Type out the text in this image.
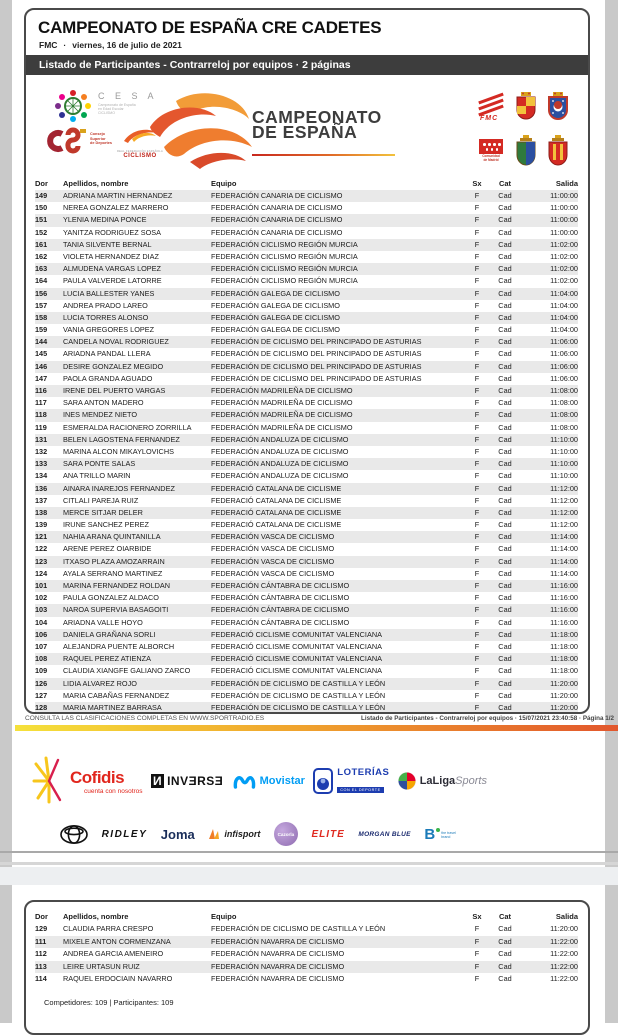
CAMPEONATO DE ESPAÑA CRE CADETES
FMC · viernes, 16 de julio de 2021
Listado de Participantes - Contrarreloj por equipos · 2 páginas
C E S A
Campeonato de España
en Edad Escolar
CICLISMO
Consejo
Superior
de Deportes
REAL FEDERACIÓN ESPAÑOLA
CICLISMO
CAMPEONATO
DE ESPAÑA
FMC
Comunidad
de Madrid
Dor	Apellidos, nombre	Equipo	Sx	Cat	Salida
149	ADRIANA MARTIN HERNANDEZ	FEDERACIÓN CANARIA DE CICLISMO	F	Cad	11:00:00
150	NEREA GONZALEZ MARRERO	FEDERACIÓN CANARIA DE CICLISMO	F	Cad	11:00:00
151	YLENIA MEDINA PONCE	FEDERACIÓN CANARIA DE CICLISMO	F	Cad	11:00:00
152	YANITZA RODRIGUEZ SOSA	FEDERACIÓN CANARIA DE CICLISMO	F	Cad	11:00:00
161	TANIA SILVENTE BERNAL	FEDERACIÓN CICLISMO REGIÓN MURCIA	F	Cad	11:02:00
162	VIOLETA HERNANDEZ DIAZ	FEDERACIÓN CICLISMO REGIÓN MURCIA	F	Cad	11:02:00
163	ALMUDENA VARGAS LOPEZ	FEDERACIÓN CICLISMO REGIÓN MURCIA	F	Cad	11:02:00
164	PAULA VALVERDE LATORRE	FEDERACIÓN CICLISMO REGIÓN MURCIA	F	Cad	11:02:00
156	LUCIA BALLESTER YANES	FEDERACIÓN GALEGA DE CICLISMO	F	Cad	11:04:00
157	ANDREA PRADO LAREO	FEDERACIÓN GALEGA DE CICLISMO	F	Cad	11:04:00
158	LUCIA TORRES ALONSO	FEDERACIÓN GALEGA DE CICLISMO	F	Cad	11:04:00
159	VANIA GREGORES LOPEZ	FEDERACIÓN GALEGA DE CICLISMO	F	Cad	11:04:00
144	CANDELA NOVAL RODRIGUEZ	FEDERACIÓN DE CICLISMO DEL PRINCIPADO DE ASTURIAS	F	Cad	11:06:00
145	ARIADNA PANDAL LLERA	FEDERACIÓN DE CICLISMO DEL PRINCIPADO DE ASTURIAS	F	Cad	11:06:00
146	DESIRE GONZALEZ MEGIDO	FEDERACIÓN DE CICLISMO DEL PRINCIPADO DE ASTURIAS	F	Cad	11:06:00
147	PAOLA GRANDA AGUADO	FEDERACIÓN DE CICLISMO DEL PRINCIPADO DE ASTURIAS	F	Cad	11:06:00
116	IRENE DEL PUERTO VARGAS	FEDERACIÓN MADRILEÑA DE CICLISMO	F	Cad	11:08:00
117	SARA ANTON MADERO	FEDERACIÓN MADRILEÑA DE CICLISMO	F	Cad	11:08:00
118	INES MENDEZ NIETO	FEDERACIÓN MADRILEÑA DE CICLISMO	F	Cad	11:08:00
119	ESMERALDA RACIONERO ZORRILLA	FEDERACIÓN MADRILEÑA DE CICLISMO	F	Cad	11:08:00
131	BELEN LAGOSTENA FERNANDEZ	FEDERACIÓN ANDALUZA DE CICLISMO	F	Cad	11:10:00
132	MARINA ALCON MIKAYLOVICHS	FEDERACIÓN ANDALUZA DE CICLISMO	F	Cad	11:10:00
133	SARA PONTE SALAS	FEDERACIÓN ANDALUZA DE CICLISMO	F	Cad	11:10:00
134	ANA TRILLO MARIN	FEDERACIÓN ANDALUZA DE CICLISMO	F	Cad	11:10:00
136	AINARA INAREJOS FERNANDEZ	FEDERACIÓ CATALANA DE CICLISME	F	Cad	11:12:00
137	CITLALI PAREJA RUIZ	FEDERACIÓ CATALANA DE CICLISME	F	Cad	11:12:00
138	MERCE SITJAR DELER	FEDERACIÓ CATALANA DE CICLISME	F	Cad	11:12:00
139	IRUNE SANCHEZ PEREZ	FEDERACIÓ CATALANA DE CICLISME	F	Cad	11:12:00
121	NAHIA ARANA QUINTANILLA	FEDERACIÓN VASCA DE CICLISMO	F	Cad	11:14:00
122	ARENE PEREZ OIARBIDE	FEDERACIÓN VASCA DE CICLISMO	F	Cad	11:14:00
123	ITXASO PLAZA AMOZARRAIN	FEDERACIÓN VASCA DE CICLISMO	F	Cad	11:14:00
124	AYALA SERRANO MARTINEZ	FEDERACIÓN VASCA DE CICLISMO	F	Cad	11:14:00
101	MARINA FERNANDEZ ROLDAN	FEDERACIÓN CÁNTABRA DE CICLISMO	F	Cad	11:16:00
102	PAULA GONZALEZ ALDACO	FEDERACIÓN CÁNTABRA DE CICLISMO	F	Cad	11:16:00
103	NAROA SUPERVIA BASAGOITI	FEDERACIÓN CÁNTABRA DE CICLISMO	F	Cad	11:16:00
104	ARIADNA VALLE HOYO	FEDERACIÓN CÁNTABRA DE CICLISMO	F	Cad	11:16:00
106	DANIELA GRAÑANA SORLI	FEDERACIÓ CICLISME COMUNITAT VALENCIANA	F	Cad	11:18:00
107	ALEJANDRA PUENTE ALBORCH	FEDERACIÓ CICLISME COMUNITAT VALENCIANA	F	Cad	11:18:00
108	RAQUEL PEREZ ATIENZA	FEDERACIÓ CICLISME COMUNITAT VALENCIANA	F	Cad	11:18:00
109	CLAUDIA XIANGFE GALIANO ZARCO	FEDERACIÓ CICLISME COMUNITAT VALENCIANA	F	Cad	11:18:00
126	LIDIA ALVAREZ ROJO	FEDERACIÓN DE CICLISMO DE CASTILLA Y LEÓN	F	Cad	11:20:00
127	MARIA CABAÑAS FERNANDEZ	FEDERACIÓN DE CICLISMO DE CASTILLA Y LEÓN	F	Cad	11:20:00
128	MARIA MARTINEZ BARRASA	FEDERACIÓN DE CICLISMO DE CASTILLA Y LEÓN	F	Cad	11:20:00
CONSULTA LAS CLASIFICACIONES COMPLETAS EN WWW.SPORTRADIO.ES	Listado de Participantes - Contrarreloj por equipos · 15/07/2021 23:40:58 · Página 1/2
Cofidis
cuenta con nosotros
И INVƎRSƎ	Movistar
LOTERÍAS
CON EL DEPORTE
LaLigaSports
RIDLEY Joma	infisport	Cazorla	ELITE MORGAN BLUE B the travel
brand
Dor	Apellidos, nombre	Equipo	Sx	Cat	Salida
129	CLAUDIA PARRA CRESPO	FEDERACIÓN DE CICLISMO DE CASTILLA Y LEÓN	F	Cad	11:20:00
111	MIXELE ANTON CORMENZANA	FEDERACIÓN NAVARRA DE CICLISMO	F	Cad	11:22:00
112	ANDREA GARCIA AMENEIRO	FEDERACIÓN NAVARRA DE CICLISMO	F	Cad	11:22:00
113	LEIRE URTASUN RUIZ	FEDERACIÓN NAVARRA DE CICLISMO	F	Cad	11:22:00
114	RAQUEL ERDOCIAIN NAVARRO	FEDERACIÓN NAVARRA DE CICLISMO	F	Cad	11:22:00
Competidores: 109 | Participantes: 109
